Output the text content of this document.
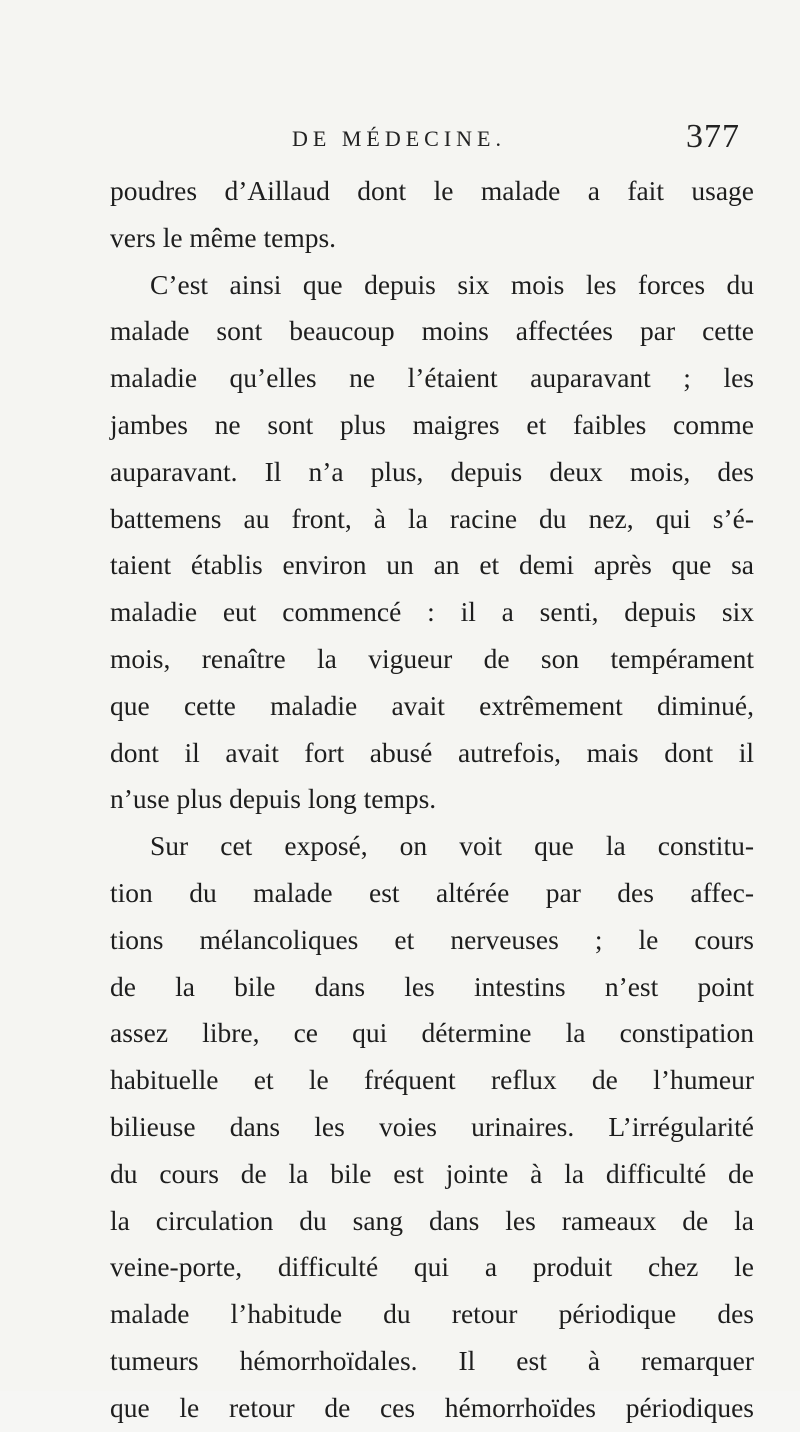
DE MÉDECINE.	377
poudres d’Aillaud dont le malade a fait usage
vers le même temps.
C’est ainsi que depuis six mois les forces du
malade sont beaucoup moins affectées par cette
maladie qu’elles ne l’étaient auparavant ; les
jambes ne sont plus maigres et faibles comme
auparavant. Il n’a plus, depuis deux mois, des
battemens au front, à la racine du nez, qui s’é-
taient établis environ un an et demi après que sa
maladie eut commencé : il a senti, depuis six
mois, renaître la vigueur de son tempérament
que cette maladie avait extrêmement diminué,
dont il avait fort abusé autrefois, mais dont il
n’use plus depuis long temps.
Sur cet exposé, on voit que la constitu-
tion du malade est altérée par des affec-
tions mélancoliques et nerveuses ; le cours
de la bile dans les intestins n’est point
assez libre, ce qui détermine la constipation
habituelle et le fréquent reflux de l’humeur
bilieuse dans les voies urinaires. L’irrégularité
du cours de la bile est jointe à la difficulté de
la circulation du sang dans les rameaux de la
veine-porte, difficulté qui a produit chez le
malade l’habitude du retour périodique des
tumeurs hémorrhoïdales. Il est à remarquer
que le retour de ces hémorrhoïdes périodiques
